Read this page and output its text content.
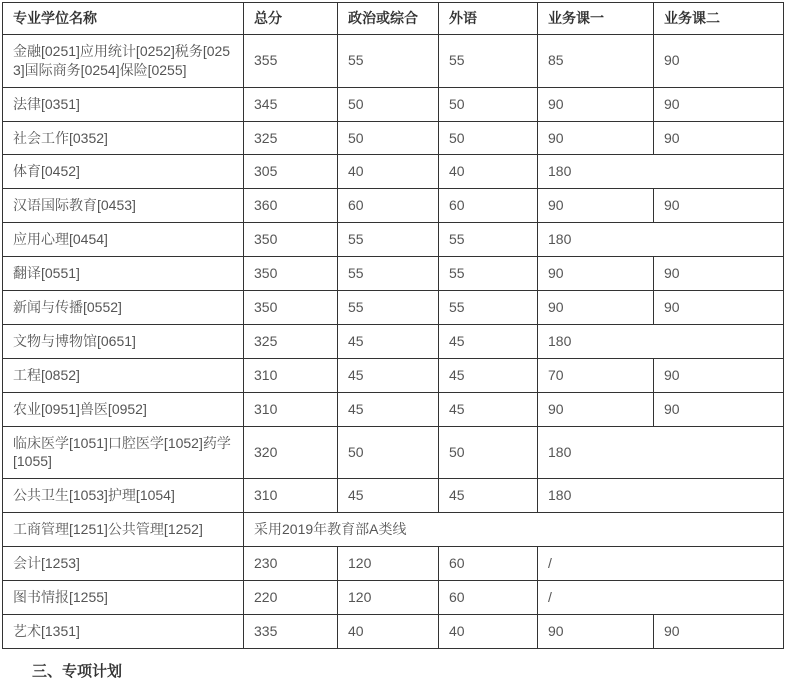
专业学位名称	总分	政治或综合	外语	业务课一	业务课二
金融[0251]应用统计[0252]税务[0253]国际商务[0254]保险[0255]	355	55	55	85	90
法律[0351]	345	50	50	90	90
社会工作[0352]	325	50	50	90	90
体育[0452]	305	40	40	180	
汉语国际教育[0453]	360	60	60	90	90
应用心理[0454]	350	55	55	180	
翻译[0551]	350	55	55	90	90
新闻与传播[0552]	350	55	55	90	90
文物与博物馆[0651]	325	45	45	180	
工程[0852]	310	45	45	70	90
农业[0951]兽医[0952]	310	45	45	90	90
临床医学[1051]口腔医学[1052]药学[1055]	320	50	50	180	
公共卫生[1053]护理[1054]	310	45	45	180	
工商管理[1251]公共管理[1252]	采用2019年教育部A类线				
会计[1253]	230	120	60	/	
图书情报[1255]	220	120	60	/	
艺术[1351]	335	40	40	90	90

三、专项计划
